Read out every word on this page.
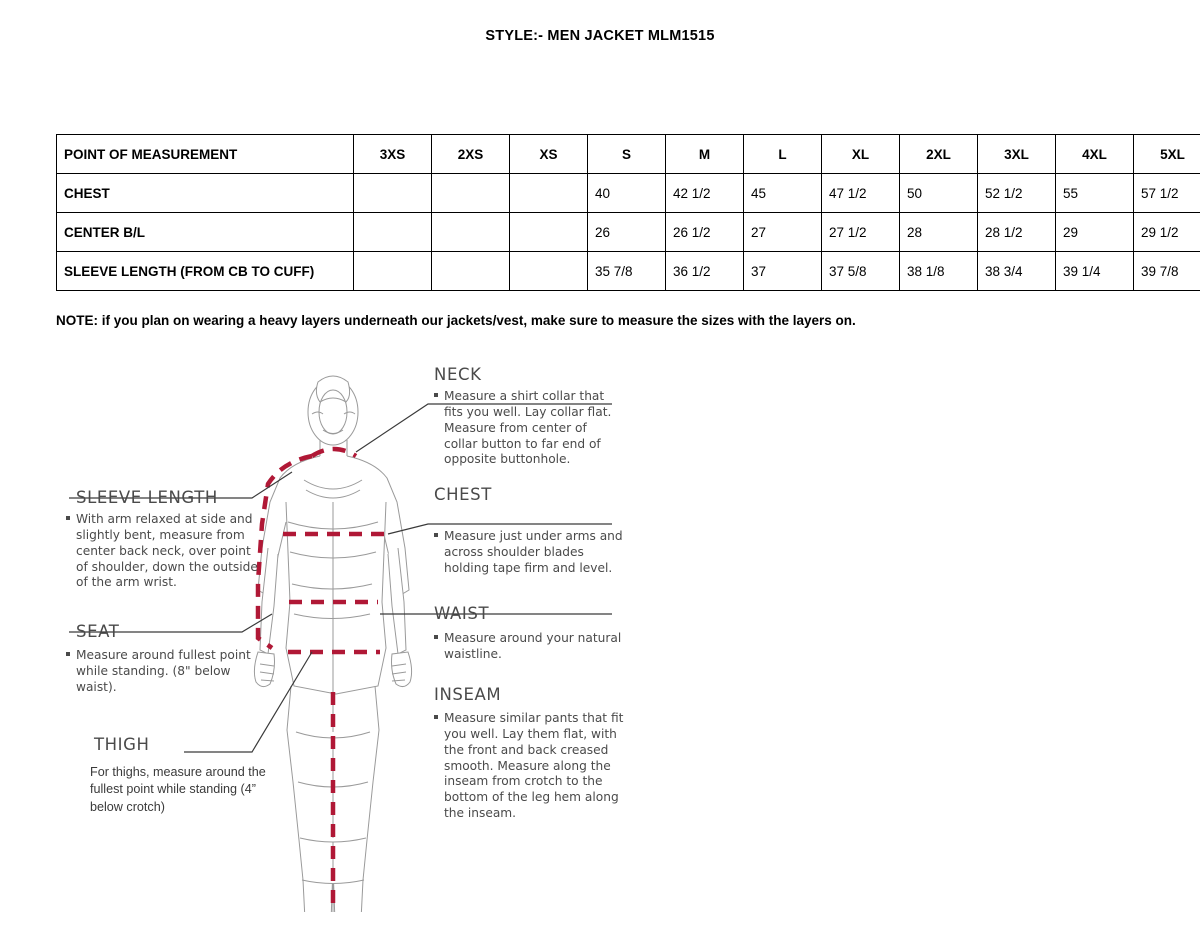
STYLE:- MEN JACKET MLM1515
POINT OF MEASUREMENT	3XS	2XS	XS	S	M	L	XL	2XL	3XL	4XL	5XL
CHEST				40	42 1/2	45	47 1/2	50	52 1/2	55	57 1/2
CENTER B/L				26	26 1/2	27	27 1/2	28	28 1/2	29	29 1/2
SLEEVE LENGTH (FROM CB TO CUFF)				35 7/8	36 1/2	37	37 5/8	38 1/8	38 3/4	39 1/4	39 7/8
NOTE: if you plan on wearing a heavy layers underneath our jackets/vest, make sure to measure the sizes with the layers on.
NECK
Measure a shirt collar that fits you well. Lay collar flat. Measure from center of collar button to far end of opposite buttonhole.
CHEST
Measure just under arms and across shoulder blades holding tape firm and level.
WAIST
Measure around your natural waistline.
INSEAM
Measure similar pants that fit you well. Lay them flat, with the front and back creased smooth. Measure along the inseam from crotch to the bottom of the leg hem along the inseam.
SLEEVE LENGTH
With arm relaxed at side and slightly bent, measure from center back neck, over point of shoulder, down the outside of the arm wrist.
SEAT
Measure around fullest point while standing. (8" below waist).
THIGH
For thighs, measure around the fullest point while standing (4” below crotch)
